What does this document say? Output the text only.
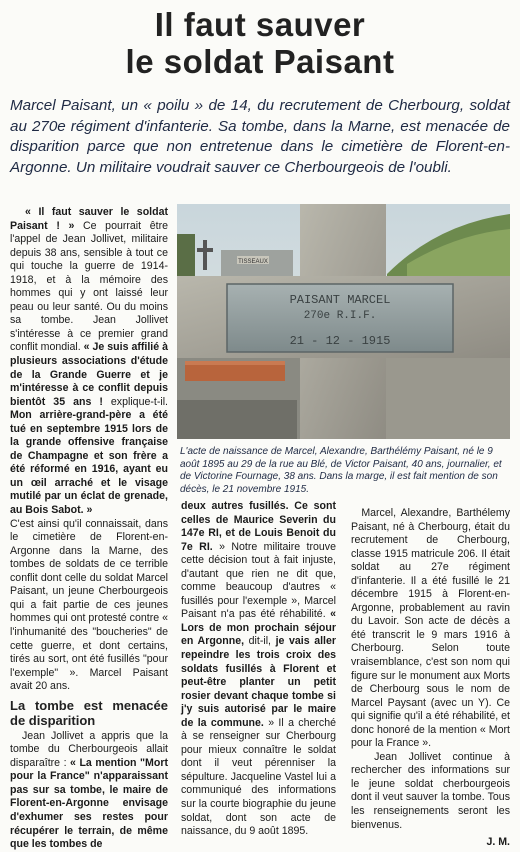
Il faut sauver
le soldat Paisant
Marcel Paisant, un « poilu » de 14, du recrutement de Cherbourg, soldat au 270e régiment d'infanterie. Sa tombe, dans la Marne, est menacée de disparition parce que non entretenue dans le cimetière de Florent-en-Argonne. Un militaire voudrait sauver ce Cherbourgeois de l'oubli.
TISSEAUX
PAISANT MARCEL
270e R.I.F.
21 - 12 - 1915
L'acte de naissance de Marcel, Alexandre, Barthélémy Paisant, né le 9 août 1895 au 29 de la rue au Blé, de Victor Paisant, 40 ans, journalier, et de Victorine Fournage, 38 ans. Dans la marge, il est fait mention de son décès, le 21 novembre 1915.

« Il faut sauver le soldat Paisant ! » Ce pourrait être l'appel de Jean Jollivet, militaire depuis 38 ans, sensible à tout ce qui touche la guerre de 1914-1918, et à la mémoire des hommes qui y ont laissé leur peau ou leur santé. Ou du moins sa tombe. Jean Jollivet s'intéresse à ce premier grand conflit mondial. « Je suis affilié à plusieurs associations d'étude de la Grande Guerre et je m'intéresse à ce conflit depuis bientôt 35 ans ! explique-t-il. Mon arrière-grand-père a été tué en septembre 1915 lors de la grande offensive française de Champagne et son frère a été réformé en 1916, ayant eu un œil arraché et le visage mutilé par un éclat de grenade, au Bois Sabot. »

C'est ainsi qu'il connaissait, dans le cimetière de Florent-en-Argonne dans la Marne, des tombes de soldats de ce terrible conflit dont celle du soldat Marcel Paisant, un jeune Cherbourgeois qui a fait partie de ces jeunes hommes qui ont protesté contre « l'inhumanité des "boucheries" de cette guerre, et dont certains, tirés au sort, ont été fusillés "pour l'exemple" ». Marcel Paisant avait 20 ans.

La tombe est menacée de disparition

Jean Jollivet a appris que la tombe du Cherbourgeois allait disparaître : « La mention "Mort pour la France" n'apparaissant pas sur sa tombe, le maire de Florent-en-Argonne envisage d'exhumer ses restes pour récupérer le terrain, de même que les tombes de

deux autres fusillés. Ce sont celles de Maurice Severin du 147e RI, et de Louis Benoit du 7e RI. » Notre militaire trouve cette décision tout à fait injuste, d'autant que rien ne dit que, comme beaucoup d'autres « fusillés pour l'exemple », Marcel Paisant n'a pas été réhabilité. « Lors de mon prochain séjour en Argonne, dit-il, je vais aller repeindre les trois croix des soldats fusillés à Florent et peut-être planter un petit rosier devant chaque tombe si j'y suis autorisé par le maire de la commune. » Il a cherché à se renseigner sur Cherbourg pour mieux connaître le soldat dont il veut pérenniser la sépulture. Jacqueline Vastel lui a communiqué des informations sur la courte biographie du jeune soldat, dont son acte de naissance, du 9 août 1895.

Marcel, Alexandre, Barthélemy Paisant, né à Cherbourg, était du recrutement de Cherbourg, classe 1915 matricule 206. Il était soldat au 27e régiment d'infanterie. Il a été fusillé le 21 décembre 1915 à Florent-en-Argonne, probablement au ravin du Lavoir. Son acte de décès a été transcrit le 9 mars 1916 à Cherbourg. Selon toute vraisemblance, c'est son nom qui figure sur le monument aux Morts de Cherbourg sous le nom de Marcel Paysant (avec un Y). Ce qui signifie qu'il a été réhabilité, et donc honoré de la mention « Mort pour la France ».

Jean Jollivet continue à rechercher des informations sur le jeune soldat cherbourgeois dont il veut sauver la tombe. Tous les renseignements seront les bienvenus.

J. M.
